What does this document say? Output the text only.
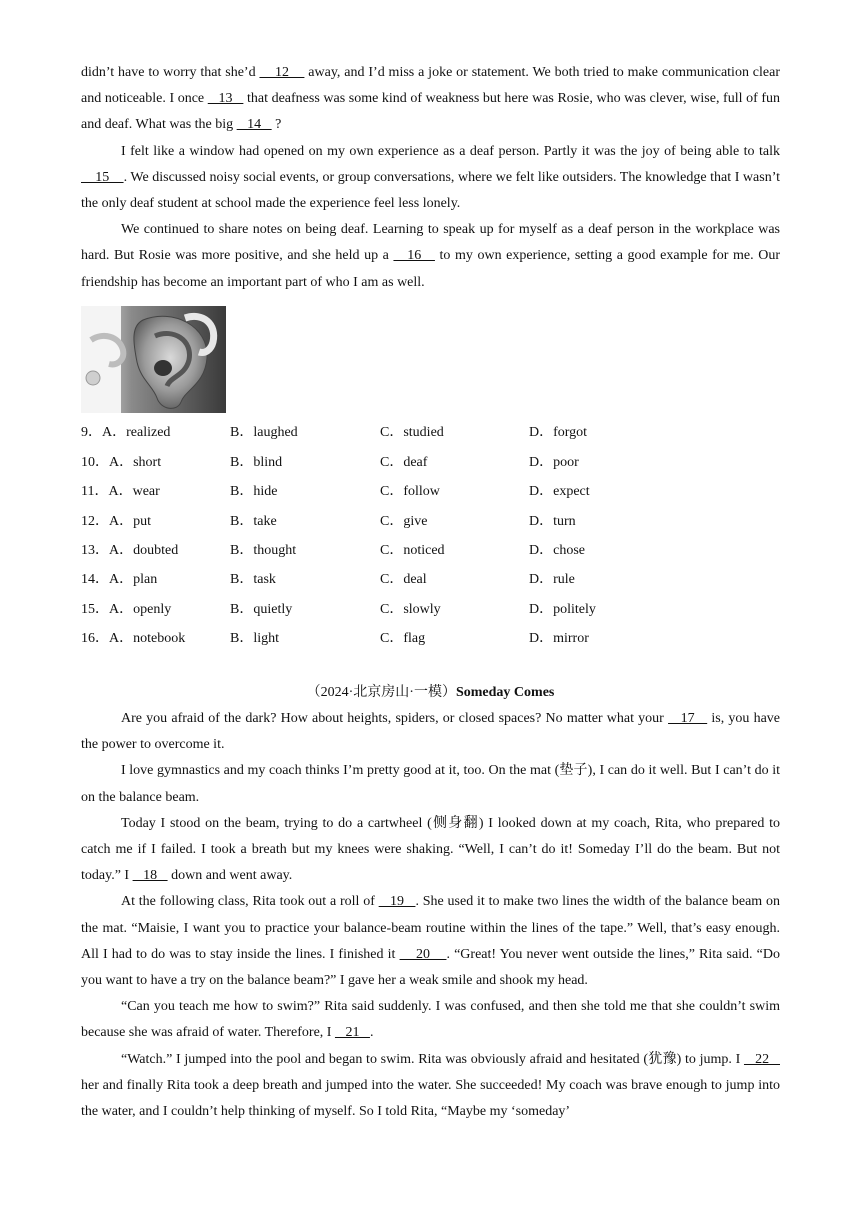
didn’t have to worry that she’d     12     away, and I’d miss a joke or statement. We both tried to make communication clear and noticeable. I once    13    that deafness was some kind of weakness but here was Rosie, who was clever, wise, full of fun and deaf. What was the big    14    ?

I felt like a window had opened on my own experience as a deaf person. Partly it was the joy of being able to talk     15    . We discussed noisy social events, or group conversations, where we felt like outsiders. The knowledge that I wasn’t the only deaf student at school made the experience feel less lonely.

We continued to share notes on being deaf. Learning to speak up for myself as a deaf person in the workplace was hard. But Rosie was more positive, and she held up a    16    to my own experience, setting a good example for me. Our friendship has become an important part of who I am as well.

9．A．realized	B．laughed	C．studied	D．forgot
10．A．short	B．blind	C．deaf	D．poor
11．A．wear	B．hide	C．follow	D．expect
12．A．put	B．take	C．give	D．turn
13．A．doubted	B．thought	C．noticed	D．chose
14．A．plan	B．task	C．deal	D．rule
15．A．openly	B．quietly	C．slowly	D．politely
16．A．notebook	B．light	C．flag	D．mirror

（2024·北京房山·一模）Someday Comes

Are you afraid of the dark? How about heights, spiders, or closed spaces? No matter what your    17    is, you have the power to overcome it.

I love gymnastics and my coach thinks I’m pretty good at it, too. On the mat (垫子), I can do it well. But I can’t do it on the balance beam.

Today I stood on the beam, trying to do a cartwheel (侧身翻) I looked down at my coach, Rita, who prepared to catch me if I failed. I took a breath but my knees were shaking. “Well, I can’t do it! Someday I’ll do the beam. But not today.” I    18    down and went away.

At the following class, Rita took out a roll of    19   . She used it to make two lines the width of the balance beam on the mat. “Maisie, I want you to practice your balance-beam routine within the lines of the tape.” Well, that’s easy enough. All I had to do was to stay inside the lines. I finished it     20    . “Great! You never went outside the lines,” Rita said. “Do you want to have a try on the balance beam?” I gave her a weak smile and shook my head.

“Can you teach me how to swim?” Rita said suddenly. I was confused, and then she told me that she couldn’t swim because she was afraid of water. Therefore, I    21   .

“Watch.” I jumped into the pool and began to swim. Rita was obviously afraid and hesitated (犹豫) to jump. I    22    her and finally Rita took a deep breath and jumped into the water. She succeeded! My coach was brave enough to jump into the water, and I couldn’t help thinking of myself. So I told Rita, “Maybe my ‘someday’
